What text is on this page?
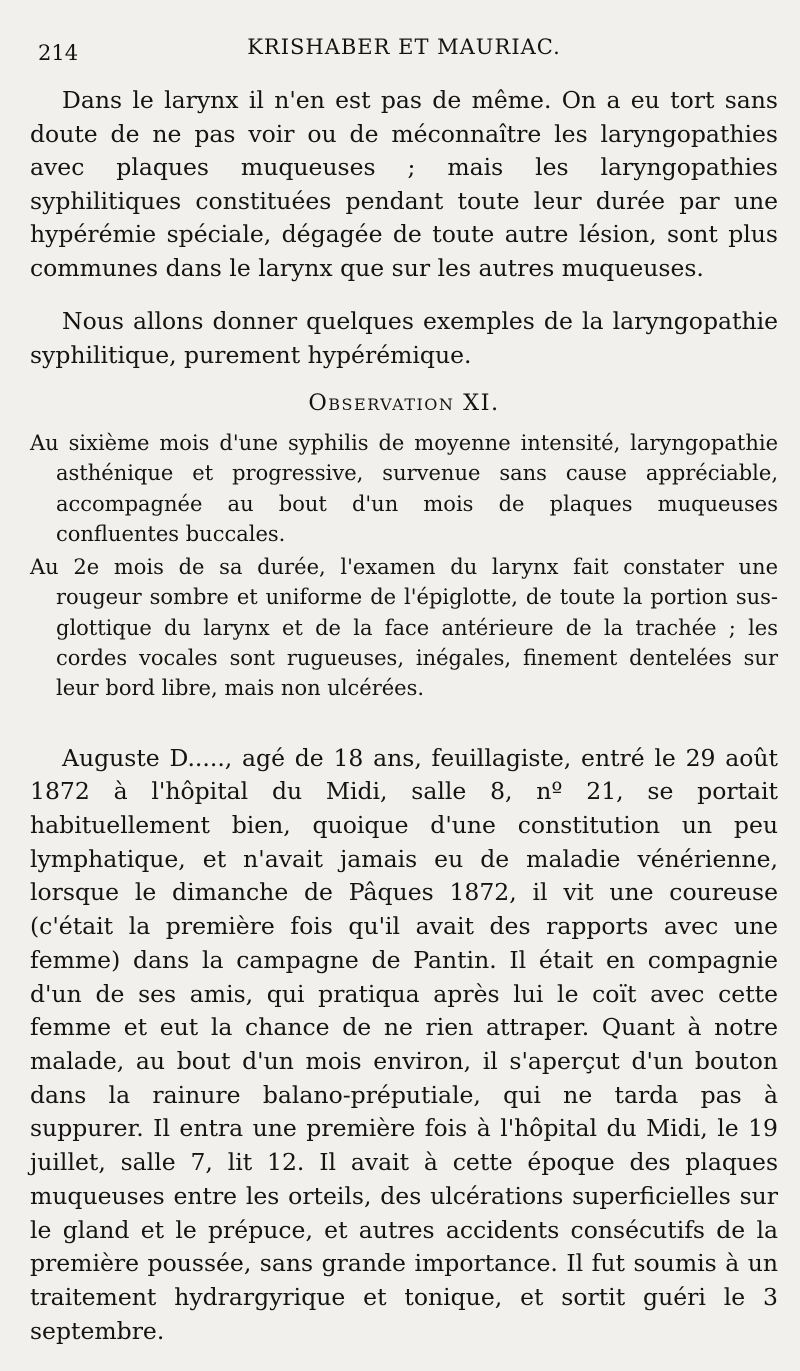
214	KRISHABER ET MAURIAC.

Dans le larynx il n'en est pas de même. On a eu tort sans doute de ne pas voir ou de méconnaître les laryngopathies avec plaques muqueuses ; mais les laryngopathies syphilitiques constituées pendant toute leur durée par une hypérémie spéciale, dégagée de toute autre lésion, sont plus communes dans le larynx que sur les autres muqueuses.

Nous allons donner quelques exemples de la laryngopathie syphilitique, purement hypérémique.

Observation XI.

Au sixième mois d'une syphilis de moyenne intensité, laryngopathie asthénique et progressive, survenue sans cause appréciable, accompagnée au bout d'un mois de plaques muqueuses confluentes buccales.

Au 2e mois de sa durée, l'examen du larynx fait constater une rougeur sombre et uniforme de l'épiglotte, de toute la portion sus-glottique du larynx et de la face antérieure de la trachée ; les cordes vocales sont rugueuses, inégales, finement dentelées sur leur bord libre, mais non ulcérées.

Auguste D....., agé de 18 ans, feuillagiste, entré le 29 août 1872 à l'hôpital du Midi, salle 8, nº 21, se portait habituellement bien, quoique d'une constitution un peu lymphatique, et n'avait jamais eu de maladie vénérienne, lorsque le dimanche de Pâques 1872, il vit une coureuse (c'était la première fois qu'il avait des rapports avec une femme) dans la campagne de Pantin. Il était en compagnie d'un de ses amis, qui pratiqua après lui le coït avec cette femme et eut la chance de ne rien attraper. Quant à notre malade, au bout d'un mois environ, il s'aperçut d'un bouton dans la rainure balano-préputiale, qui ne tarda pas à suppurer. Il entra une première fois à l'hôpital du Midi, le 19 juillet, salle 7, lit 12. Il avait à cette époque des plaques muqueuses entre les orteils, des ulcérations superficielles sur le gland et le prépuce, et autres accidents consécutifs de la première poussée, sans grande importance. Il fut soumis à un traitement hydrargyrique et tonique, et sortit guéri le 3 septembre.
